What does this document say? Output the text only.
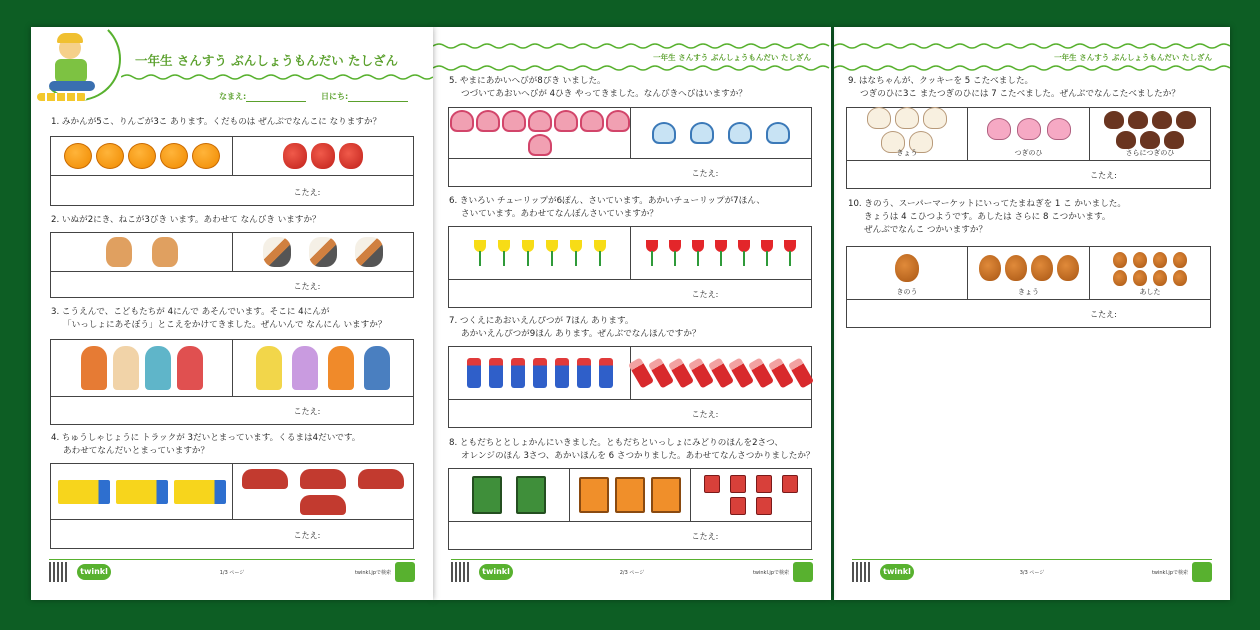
一年生 さんすう ぶんしょうもんだい たしざん
なまえ:	日にち:
1. みかんが5こ、りんごが3こ あります。くだものは ぜんぶでなんこに なりますか？
こたえ:
2. いぬが2にき、ねこが3びき います。あわせて なんびき いますか？
こたえ:
3. こうえんで、こどもたちが 4にんで あそんでいます。そこに 4にんが
「いっしょにあそぼう」とこえをかけてきました。ぜんいんで なんにん いますか？
こたえ:
4. ちゅうしゃじょうに トラックが 3だいとまっています。くるまは4だいです。
あわせてなんだいとまっていますか？
こたえ:
twinkl	1/3 ページ	twinkl.jpで検索
一年生 さんすう ぶんしょうもんだい たしざん
5. やまにあかいへびが8ぴき いました。
つづいてあおいへびが 4ひき やってきました。なんびきへびはいますか？
こたえ:
6. きいろい チューリップが6ぽん、さいています。あかいチューリップが7ほん、
さいています。あわせてなんぼんさいていますか？
こたえ:
7. つくえにあおいえんぴつが 7ほん あります。
あかいえんぴつが9ほん あります。ぜんぶでなんほんですか？
こたえ:
8. ともだちととしょかんにいきました。ともだちといっしょにみどりのほんを2さつ、
オレンジのほん 3さつ、あかいほんを 6 さつかりました。あわせてなんさつかりましたか？
こたえ:
twinkl	2/3 ページ	twinkl.jpで検索
一年生 さんすう ぶんしょうもんだい たしざん
9. はなちゃんが、クッキーを 5 こたべました。
つぎのひに3こ またつぎのひには 7 こたべました。ぜんぶでなんこたべましたか？
きょう	つぎのひ	さらにつぎのひ
こたえ:
10. きのう、スーパーマーケットにいってたまねぎを 1 こ かいました。
きょうは 4 こひつようです。あしたは さらに 8 こつかいます。
ぜんぶでなんこ つかいますか？
きのう	きょう	あした
こたえ:
twinkl	3/3 ページ	twinkl.jpで検索
